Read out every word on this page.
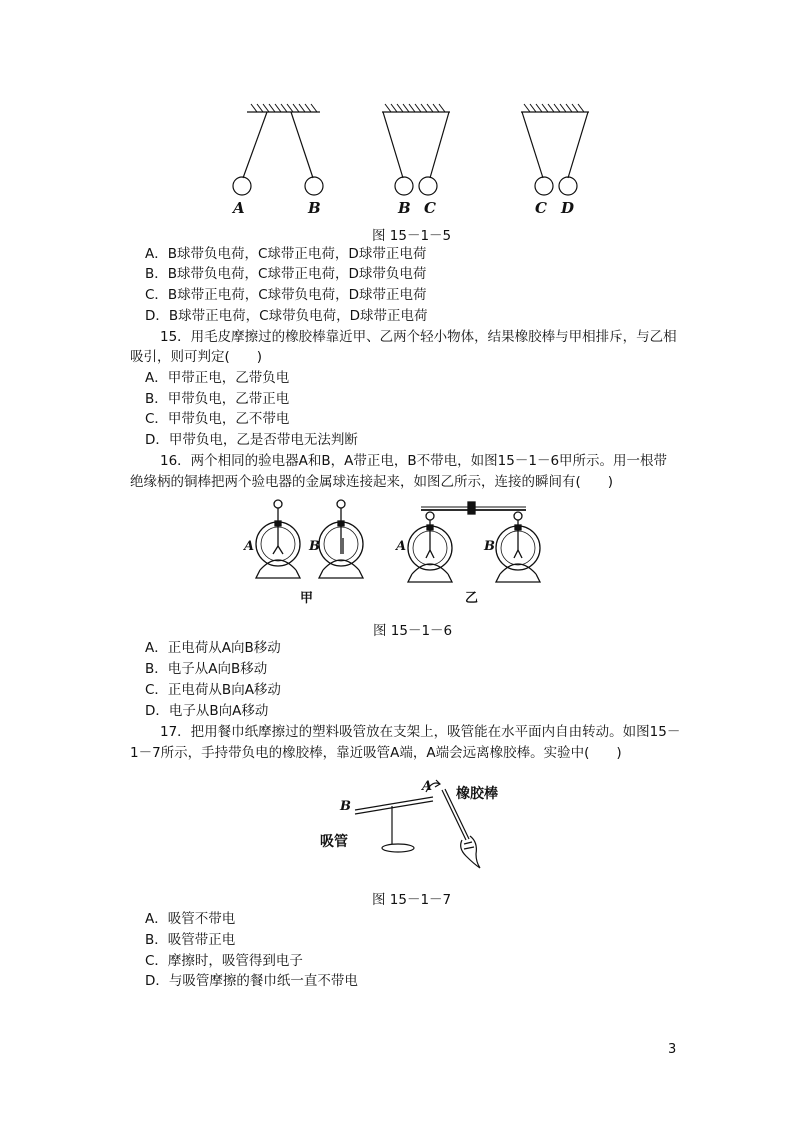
A	B	B C	C D
图 15－1－5
A．B球带负电荷，C球带正电荷，D球带正电荷
B．B球带负电荷，C球带正电荷，D球带负电荷
C．B球带正电荷，C球带负电荷，D球带正电荷
D．B球带正电荷，C球带负电荷，D球带正电荷
15．用毛皮摩擦过的橡胶棒靠近甲、乙两个轻小物体，结果橡胶棒与甲相排斥，与乙相
吸引，则可判定(　　)
A．甲带正电，乙带负电
B．甲带负电，乙带正电
C．甲带负电，乙不带电
D．甲带负电，乙是否带电无法判断
16．两个相同的验电器A和B，A带正电，B不带电，如图15－1－6甲所示。用一根带
绝缘柄的铜棒把两个验电器的金属球连接起来，如图乙所示，连接的瞬间有(　　)
A	B	A	B
甲	乙
图 15－1－6
A．正电荷从A向B移动
B．电子从A向B移动
C．正电荷从B向A移动
D．电子从B向A移动
17．把用餐巾纸摩擦过的塑料吸管放在支架上，吸管能在水平面内自由转动。如图15－
1－7所示，手持带负电的橡胶棒，靠近吸管A端，A端会远离橡胶棒。实验中(　　)
B
A 橡胶棒
吸管
图 15－1－7
A．吸管不带电
B．吸管带正电
C．摩擦时，吸管得到电子
D．与吸管摩擦的餐巾纸一直不带电
3
